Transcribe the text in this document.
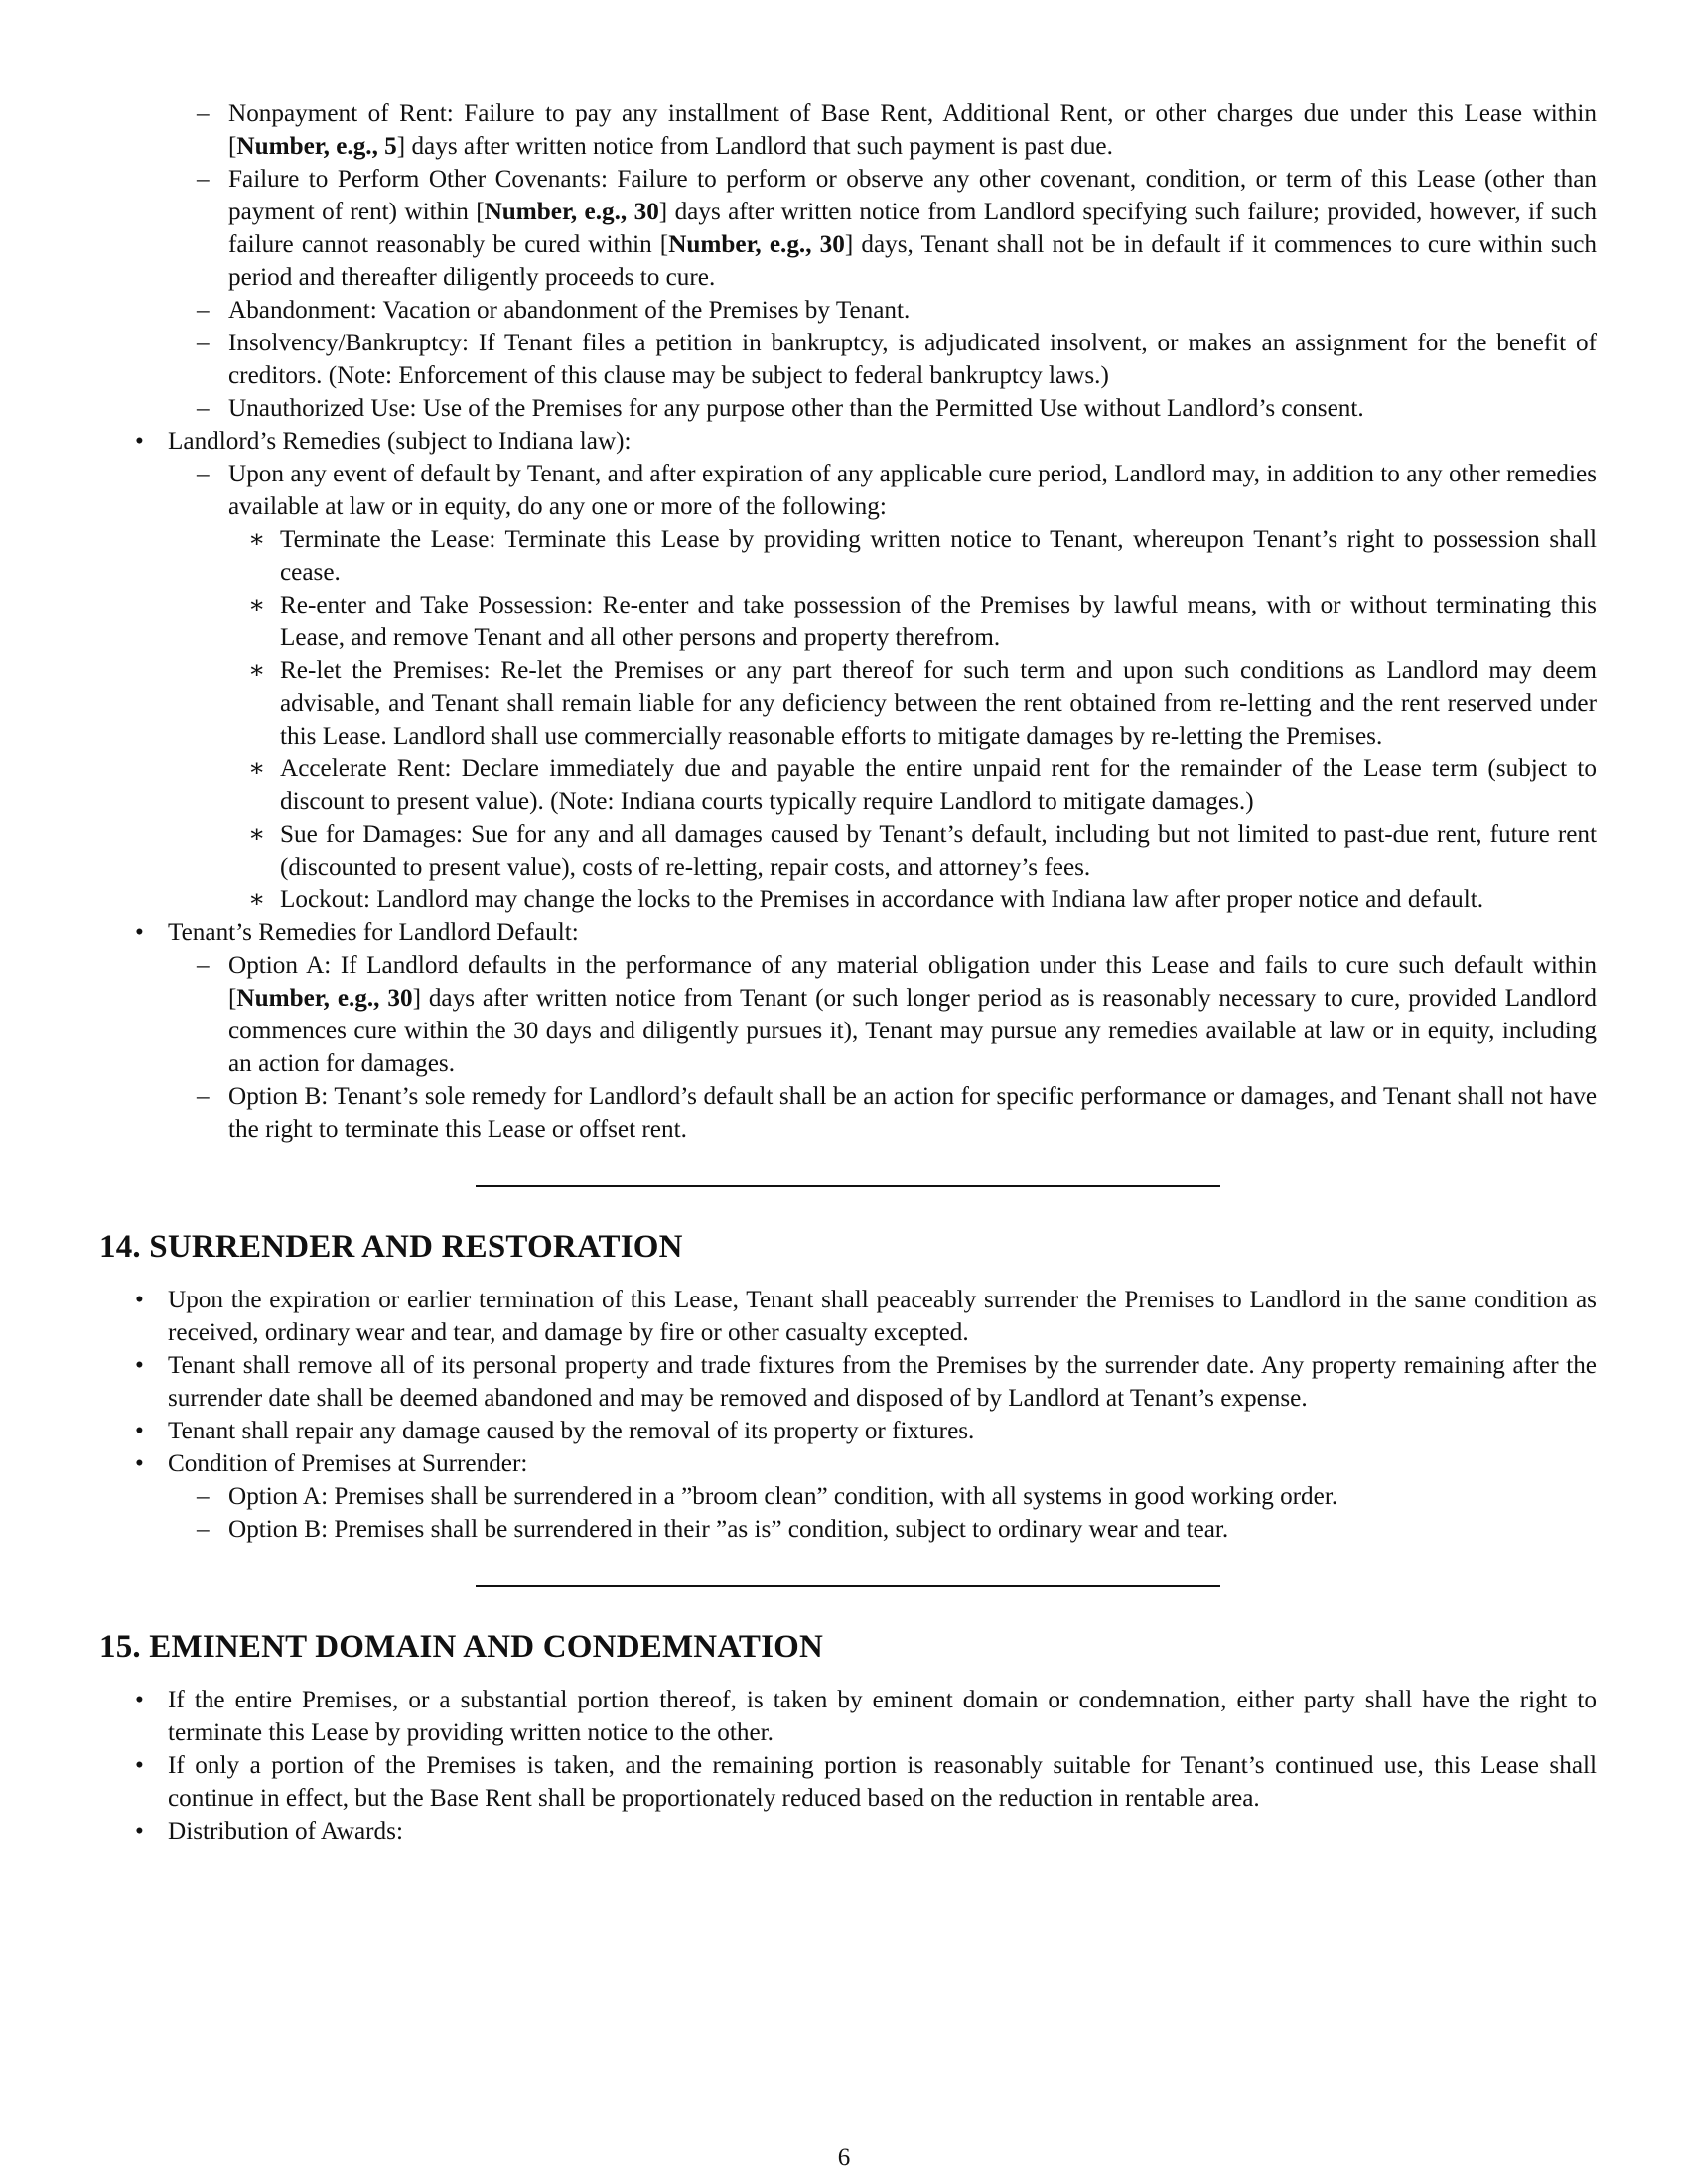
– Nonpayment of Rent: Failure to pay any installment of Base Rent, Additional Rent, or other charges due under this Lease within [Number, e.g., 5] days after written notice from Landlord that such payment is past due.
– Failure to Perform Other Covenants: Failure to perform or observe any other covenant, condition, or term of this Lease (other than payment of rent) within [Number, e.g., 30] days after written notice from Landlord specifying such failure; provided, however, if such failure cannot reasonably be cured within [Number, e.g., 30] days, Tenant shall not be in default if it commences to cure within such period and thereafter diligently proceeds to cure.
– Abandonment: Vacation or abandonment of the Premises by Tenant.
– Insolvency/Bankruptcy: If Tenant files a petition in bankruptcy, is adjudicated insolvent, or makes an assignment for the benefit of creditors. (Note: Enforcement of this clause may be subject to federal bankruptcy laws.)
– Unauthorized Use: Use of the Premises for any purpose other than the Permitted Use without Landlord’s consent.
• Landlord’s Remedies (subject to Indiana law):
– Upon any event of default by Tenant, and after expiration of any applicable cure period, Landlord may, in addition to any other remedies available at law or in equity, do any one or more of the following:
∗ Terminate the Lease: Terminate this Lease by providing written notice to Tenant, whereupon Tenant’s right to possession shall cease.
∗ Re-enter and Take Possession: Re-enter and take possession of the Premises by lawful means, with or without terminating this Lease, and remove Tenant and all other persons and property therefrom.
∗ Re-let the Premises: Re-let the Premises or any part thereof for such term and upon such conditions as Landlord may deem advisable, and Tenant shall remain liable for any deficiency between the rent obtained from re-letting and the rent reserved under this Lease. Landlord shall use commercially reasonable efforts to mitigate damages by re-letting the Premises.
∗ Accelerate Rent: Declare immediately due and payable the entire unpaid rent for the remainder of the Lease term (subject to discount to present value). (Note: Indiana courts typically require Landlord to mitigate damages.)
∗ Sue for Damages: Sue for any and all damages caused by Tenant’s default, including but not limited to past-due rent, future rent (discounted to present value), costs of re-letting, repair costs, and attorney’s fees.
∗ Lockout: Landlord may change the locks to the Premises in accordance with Indiana law after proper notice and default.
• Tenant’s Remedies for Landlord Default:
– Option A: If Landlord defaults in the performance of any material obligation under this Lease and fails to cure such default within [Number, e.g., 30] days after written notice from Tenant (or such longer period as is reasonably necessary to cure, provided Landlord commences cure within the 30 days and diligently pursues it), Tenant may pursue any remedies available at law or in equity, including an action for damages.
– Option B: Tenant’s sole remedy for Landlord’s default shall be an action for specific performance or damages, and Tenant shall not have the right to terminate this Lease or offset rent.
14. SURRENDER AND RESTORATION
• Upon the expiration or earlier termination of this Lease, Tenant shall peaceably surrender the Premises to Landlord in the same condition as received, ordinary wear and tear, and damage by fire or other casualty excepted.
• Tenant shall remove all of its personal property and trade fixtures from the Premises by the surrender date. Any property remaining after the surrender date shall be deemed abandoned and may be removed and disposed of by Landlord at Tenant’s expense.
• Tenant shall repair any damage caused by the removal of its property or fixtures.
• Condition of Premises at Surrender:
– Option A: Premises shall be surrendered in a ”broom clean” condition, with all systems in good working order.
– Option B: Premises shall be surrendered in their ”as is” condition, subject to ordinary wear and tear.
15. EMINENT DOMAIN AND CONDEMNATION
• If the entire Premises, or a substantial portion thereof, is taken by eminent domain or condemnation, either party shall have the right to terminate this Lease by providing written notice to the other.
• If only a portion of the Premises is taken, and the remaining portion is reasonably suitable for Tenant’s continued use, this Lease shall continue in effect, but the Base Rent shall be proportionately reduced based on the reduction in rentable area.
• Distribution of Awards:
6
